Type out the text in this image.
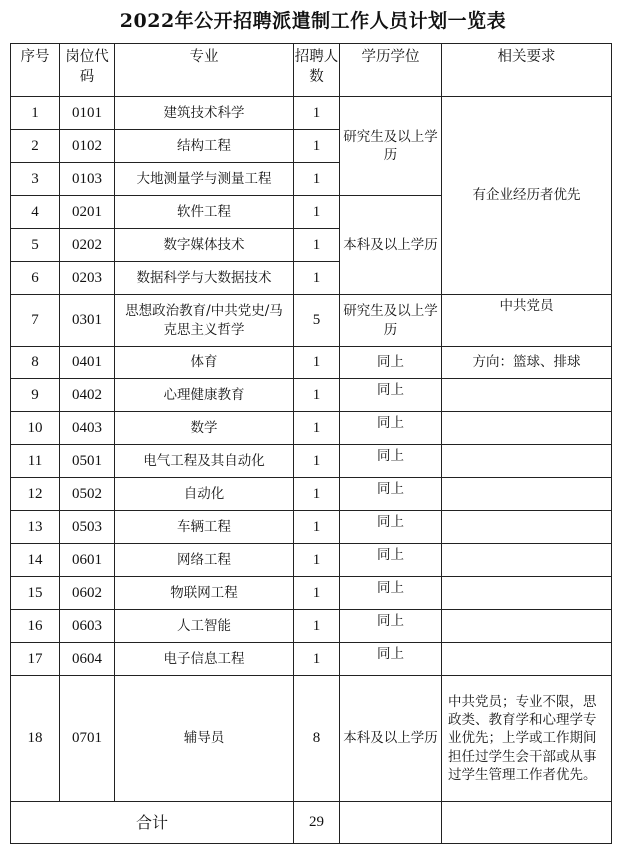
2022年公开招聘派遣制工作人员计划一览表
序号	岗位代码	专业	招聘人数	学历学位	相关要求
1	0101	建筑技术科学	1	研究生及以上学历	有企业经历者优先
2	0102	结构工程	1		
3	0103	大地测量学与测量工程	1		
4	0201	软件工程	1	本科及以上学历	
5	0202	数字媒体技术	1		
6	0203	数据科学与大数据技术	1		
7	0301	思想政治教育/中共党史/马克思主义哲学	5	研究生及以上学历	中共党员
8	0401	体育	1	同上	方向：篮球、排球
9	0402	心理健康教育	1	同上	
10	0403	数学	1	同上	
11	0501	电气工程及其自动化	1	同上	
12	0502	自动化	1	同上	
13	0503	车辆工程	1	同上	
14	0601	网络工程	1	同上	
15	0602	物联网工程	1	同上	
16	0603	人工智能	1	同上	
17	0604	电子信息工程	1	同上	
18	0701	辅导员	8	本科及以上学历	中共党员；专业不限，思政类、教育学和心理学专业优先；上学或工作期间担任过学生会干部或从事过学生管理工作者优先。
合计			29		
